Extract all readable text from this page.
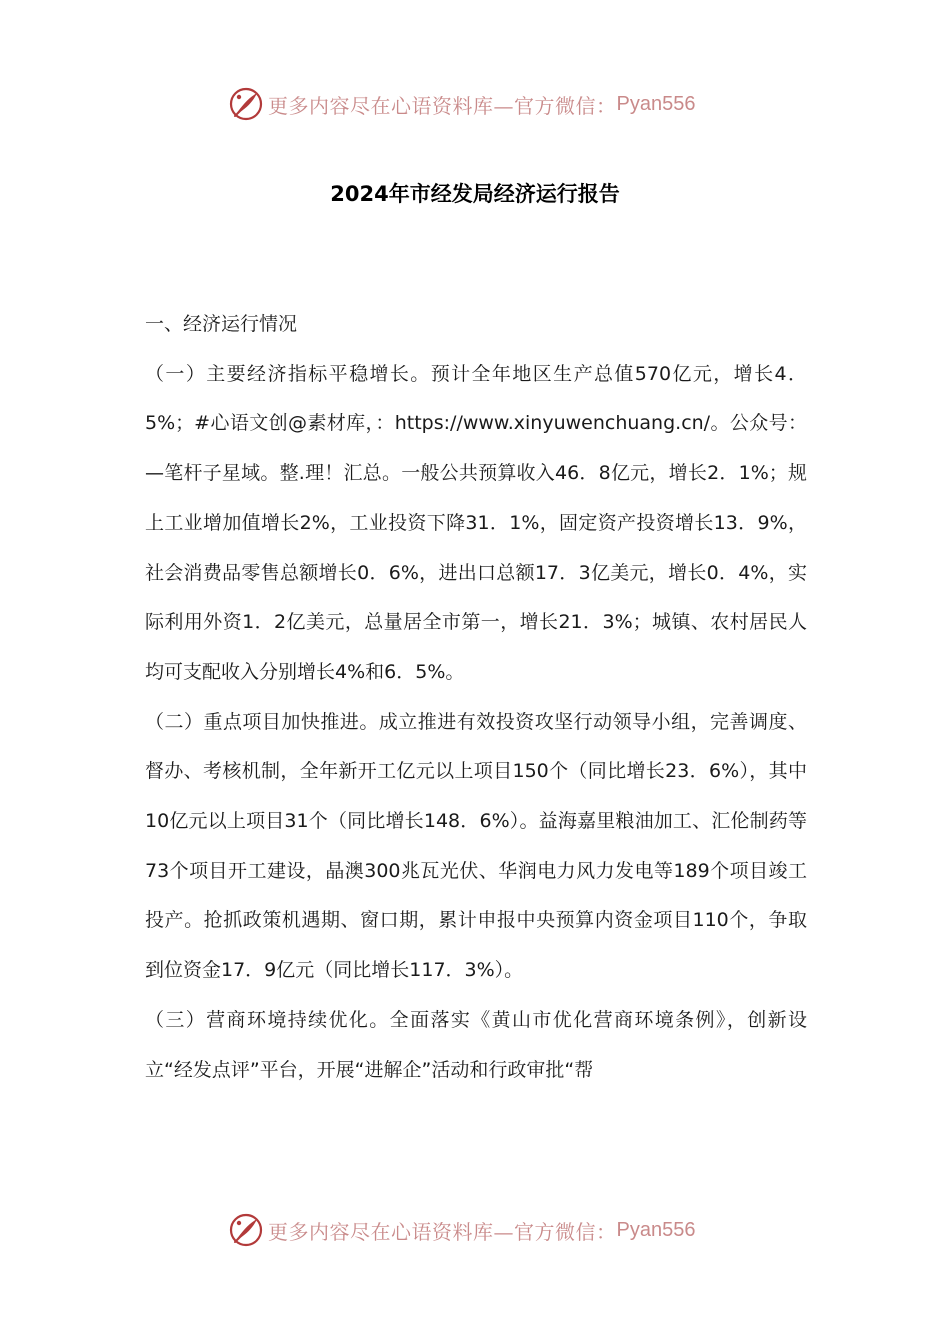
更多内容尽在心语资料库—官方微信： Pyan556
2024年市经发局经济运行报告

一、经济运行情况

（一）主要经济指标平稳增长。预计全年地区生产总值570亿元，增长4．5%；#心语文创@素材库，：https://www.xinyuwenchuang.cn/。公众号：—笔杆子星域。整.理！汇总。一般公共预算收入46．8亿元，增长2．1%；规上工业增加值增长2%，工业投资下降31．1%，固定资产投资增长13．9%，社会消费品零售总额增长0．6%，进出口总额17．3亿美元，增长0．4%，实际利用外资1．2亿美元，总量居全市第一，增长21．3%；城镇、农村居民人均可支配收入分别增长4%和6．5%。

（二）重点项目加快推进。成立推进有效投资攻坚行动领导小组，完善调度、督办、考核机制，全年新开工亿元以上项目150个（同比增长23．6%），其中10亿元以上项目31个（同比增长148．6%）。益海嘉里粮油加工、汇伦制药等73个项目开工建设，晶澳300兆瓦光伏、华润电力风力发电等189个项目竣工投产。抢抓政策机遇期、窗口期，累计申报中央预算内资金项目110个，争取到位资金17．9亿元（同比增长117．3%）。

（三）营商环境持续优化。全面落实《黄山市优化营商环境条例》，创新设立“经发点评”平台，开展“进解企”活动和行政审批“帮

更多内容尽在心语资料库—官方微信： Pyan556
